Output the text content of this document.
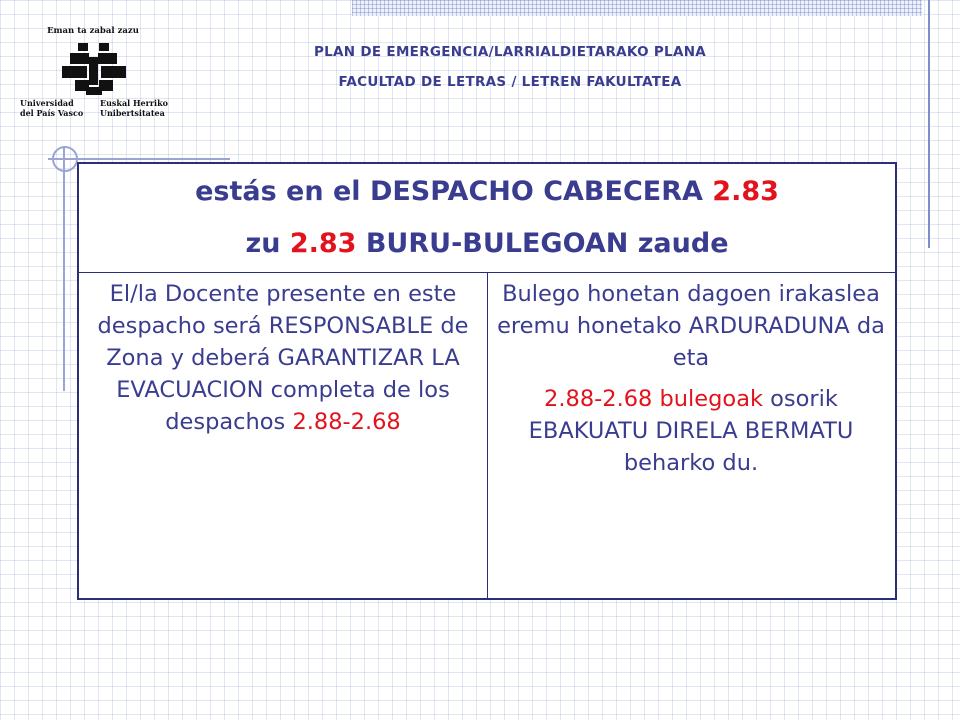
Eman ta zabal zazu
Universidad
del País Vasco
Euskal Herriko
Unibertsitatea
PLAN DE EMERGENCIA/LARRIALDIETARAKO PLANA
FACULTAD DE LETRAS / LETREN FAKULTATEA
estás en el DESPACHO CABECERA 2.83
zu 2.83 BURU-BULEGOAN zaude

El/la Docente presente en este despacho será RESPONSABLE de Zona y deberá GARANTIZAR LA EVACUACION completa de los despachos 2.88-2.68

Bulego honetan dagoen irakaslea eremu honetako ARDURADUNA da eta

2.88-2.68 bulegoak osorik EBAKUATU DIRELA BERMATU beharko du.
